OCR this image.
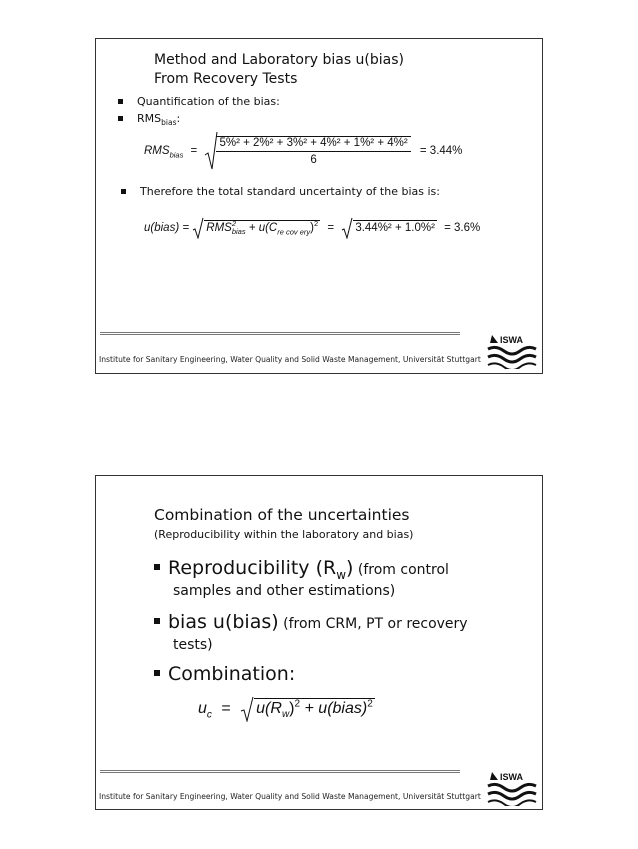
Method and Laboratory bias u(bias)
From Recovery Tests
Quantification of the bias:
$RMS_{bias}$:
$RMS_{bias} = \frac{\text{5\%² + 2\%² + 3\%² + 4\%² + 1\%² + 4\%²}}{6} = 3.44\%$
Therefore the total standard uncertainty of the bias is:
u(bias) = RMS 2
bias + $u(C_{re cov ery})^2 = 3.44\%^2 + 1.0\%^2 = 3.6\%$
Institute for Sanitary Engineering, Water Quality and Solid Waste Management, Universität Stuttgart
ISWA
Combination of the uncertainties
(Reproducibility within the laboratory and bias)
Reproducibility $(R_w)$ (from control
samples and other estimations)
bias u(bias) (from CRM, PT or recovery
tests)
Combination:
$u_c = u(R_w)^2$ + u(bias)$^2$
Institute for Sanitary Engineering, Water Quality and Solid Waste Management, Universität Stuttgart
ISWA
